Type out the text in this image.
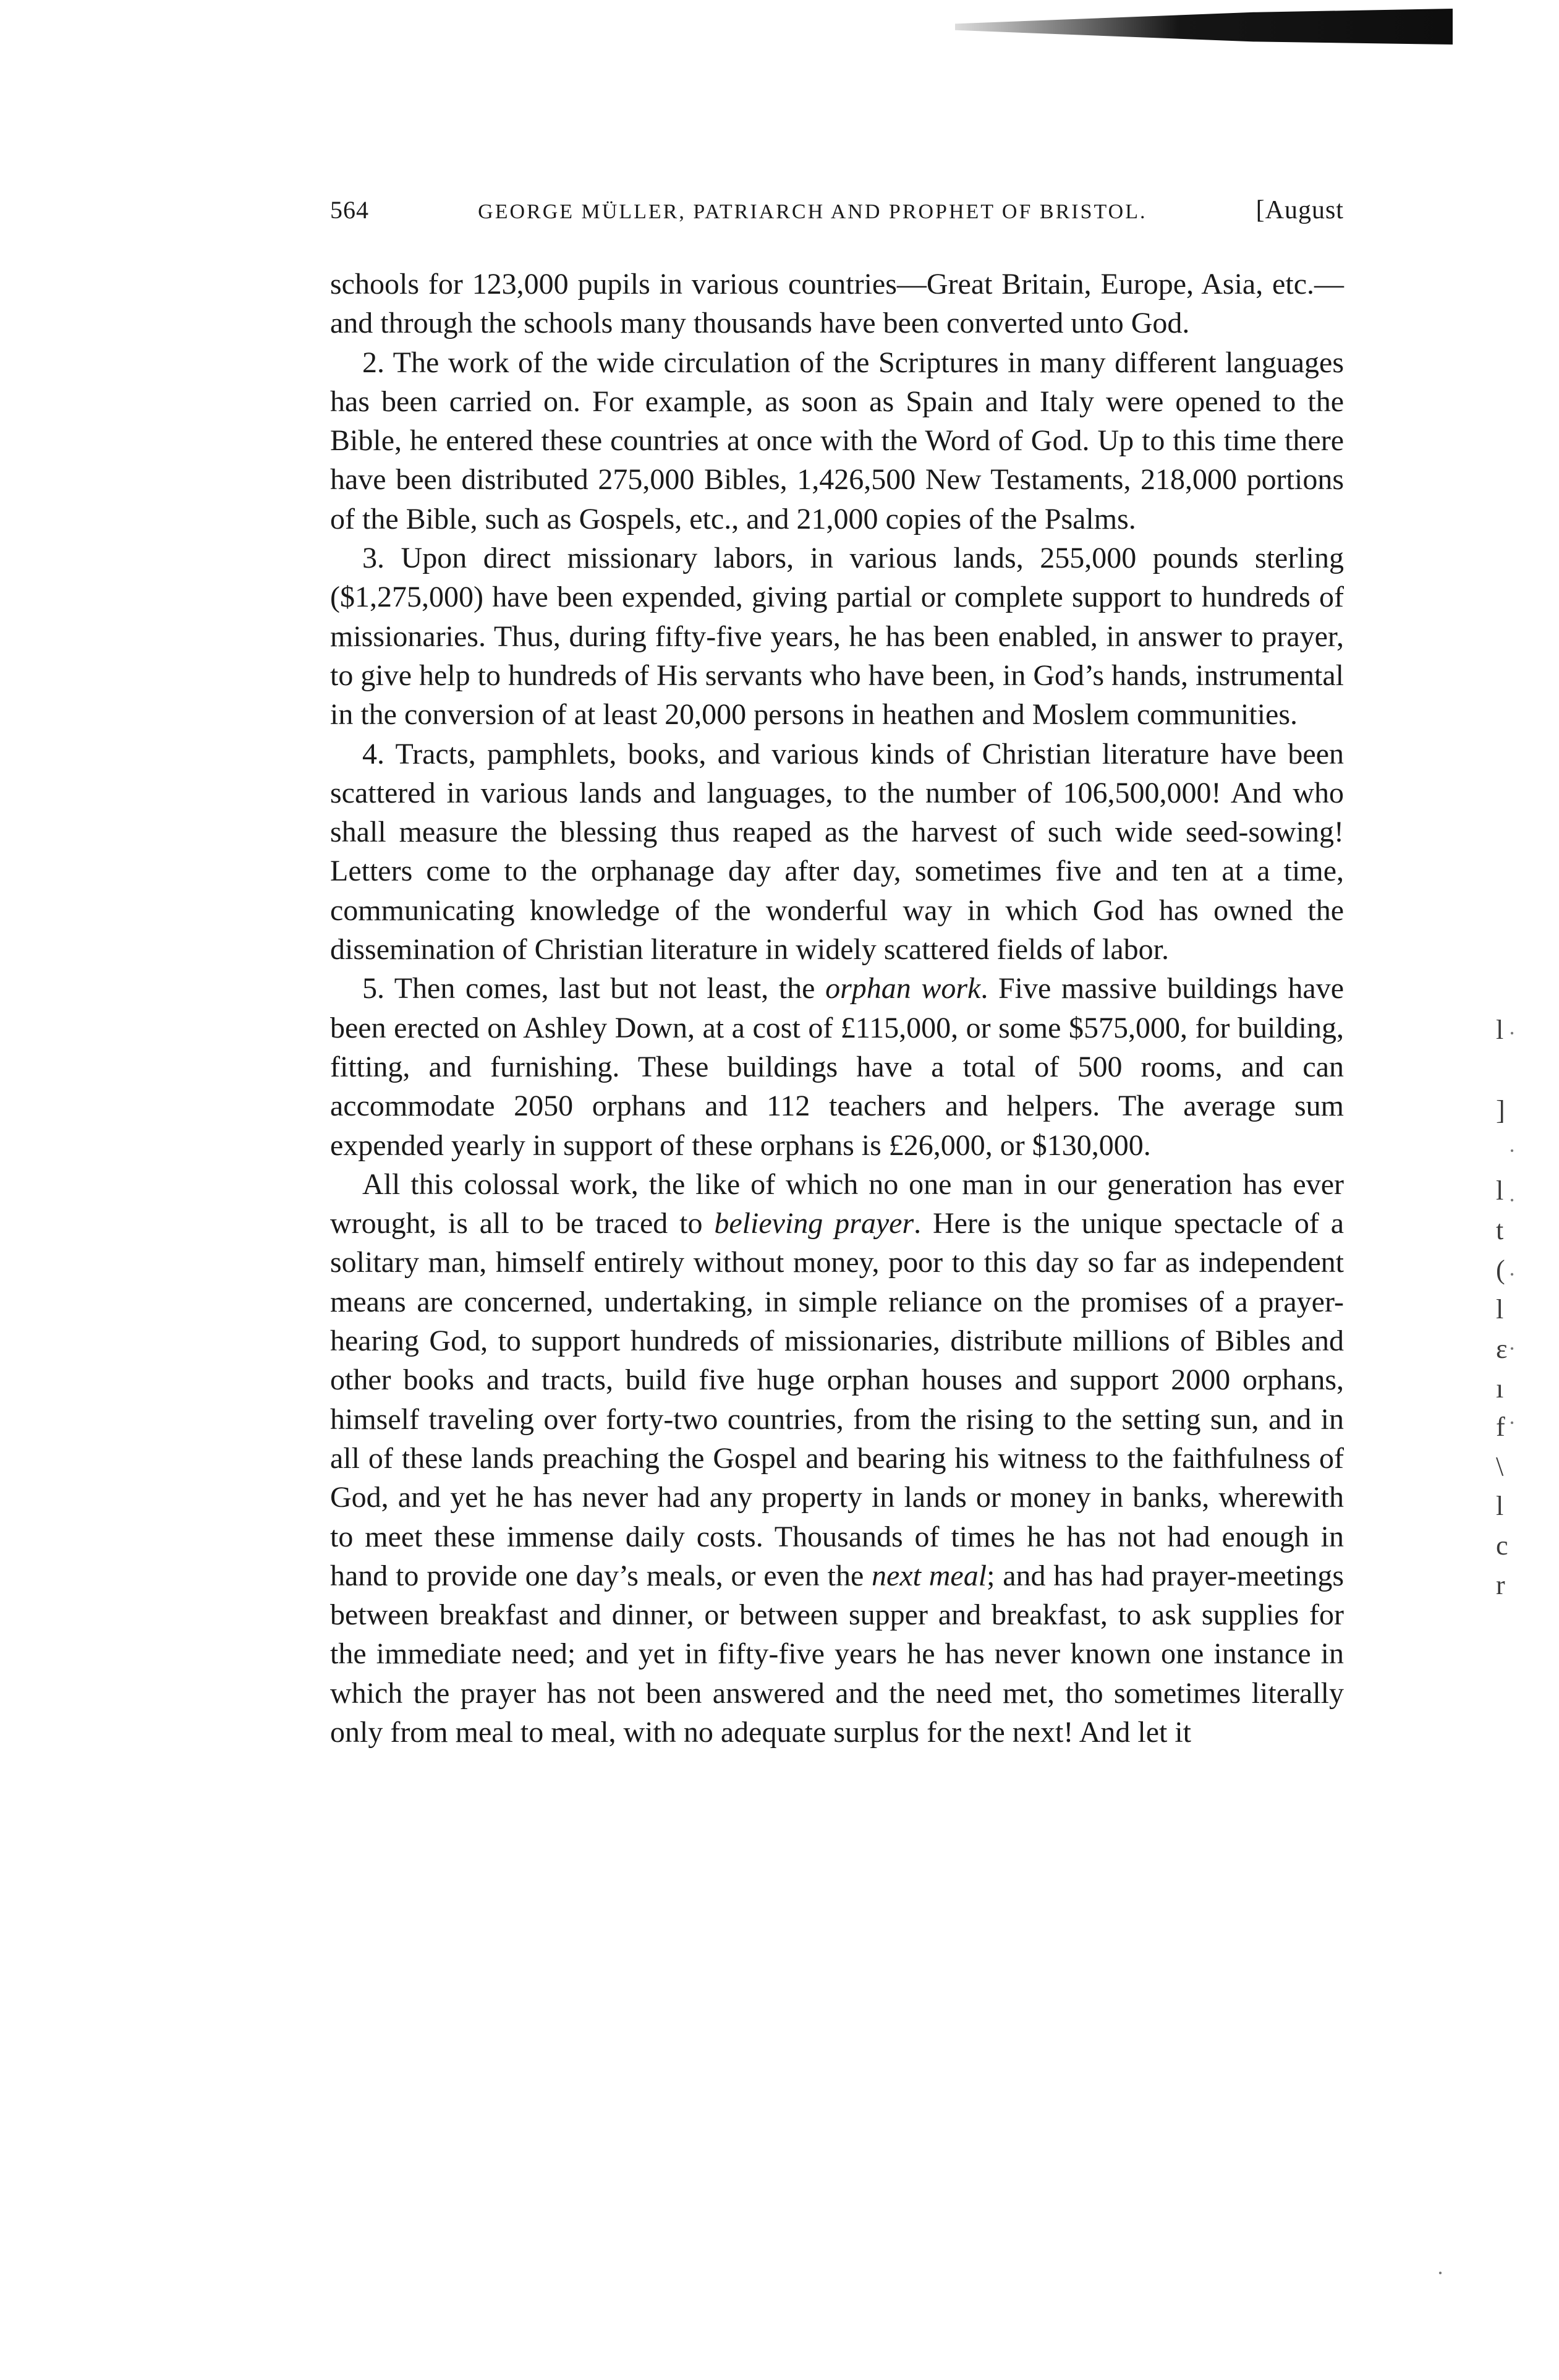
·
·
·
·
·
·
·
564	GEORGE MÜLLER, PATRIARCH AND PROPHET OF BRISTOL.	[August

schools for 123,000 pupils in various countries—Great Britain, Europe, Asia, etc.—and through the schools many thousands have been converted unto God.

2. The work of the wide circulation of the Scriptures in many different languages has been carried on. For example, as soon as Spain and Italy were opened to the Bible, he entered these countries at once with the Word of God. Up to this time there have been distributed 275,000 Bibles, 1,426,500 New Testaments, 218,000 portions of the Bible, such as Gospels, etc., and 21,000 copies of the Psalms.

3. Upon direct missionary labors, in various lands, 255,000 pounds sterling ($1,275,000) have been expended, giving partial or complete support to hundreds of missionaries. Thus, during fifty-five years, he has been enabled, in answer to prayer, to give help to hundreds of His servants who have been, in God’s hands, instrumental in the conversion of at least 20,000 persons in heathen and Moslem communities.

4. Tracts, pamphlets, books, and various kinds of Christian literature have been scattered in various lands and languages, to the number of 106,500,000! And who shall measure the blessing thus reaped as the harvest of such wide seed-sowing! Letters come to the orphanage day after day, sometimes five and ten at a time, communicating knowledge of the wonderful way in which God has owned the dissemination of Christian literature in widely scattered fields of labor.

5. Then comes, last but not least, the orphan work. Five massive buildings have been erected on Ashley Down, at a cost of £115,000, or some $575,000, for building, fitting, and furnishing. These buildings have a total of 500 rooms, and can accommodate 2050 orphans and 112 teachers and helpers. The average sum expended yearly in support of these orphans is £26,000, or $130,000.

All this colossal work, the like of which no one man in our generation has ever wrought, is all to be traced to believing prayer. Here is the unique spectacle of a solitary man, himself entirely without money, poor to this day so far as independent means are concerned, undertaking, in simple reliance on the promises of a prayer-hearing God, to support hundreds of missionaries, distribute millions of Bibles and other books and tracts, build five huge orphan houses and support 2000 orphans, himself traveling over forty-two countries, from the rising to the setting sun, and in all of these lands preaching the Gospel and bearing his witness to the faithfulness of God, and yet he has never had any property in lands or money in banks, wherewith to meet these immense daily costs. Thousands of times he has not had enough in hand to provide one day’s meals, or even the next meal; and has had prayer-meetings between breakfast and dinner, or between supper and breakfast, to ask supplies for the immediate need; and yet in fifty-five years he has never known one instance in which the prayer has not been answered and the need met, tho sometimes literally only from meal to meal, with no adequate surplus for the next! And let it

l
]
l
t
(
l
ɛ
ı
f
\
l
c
r
